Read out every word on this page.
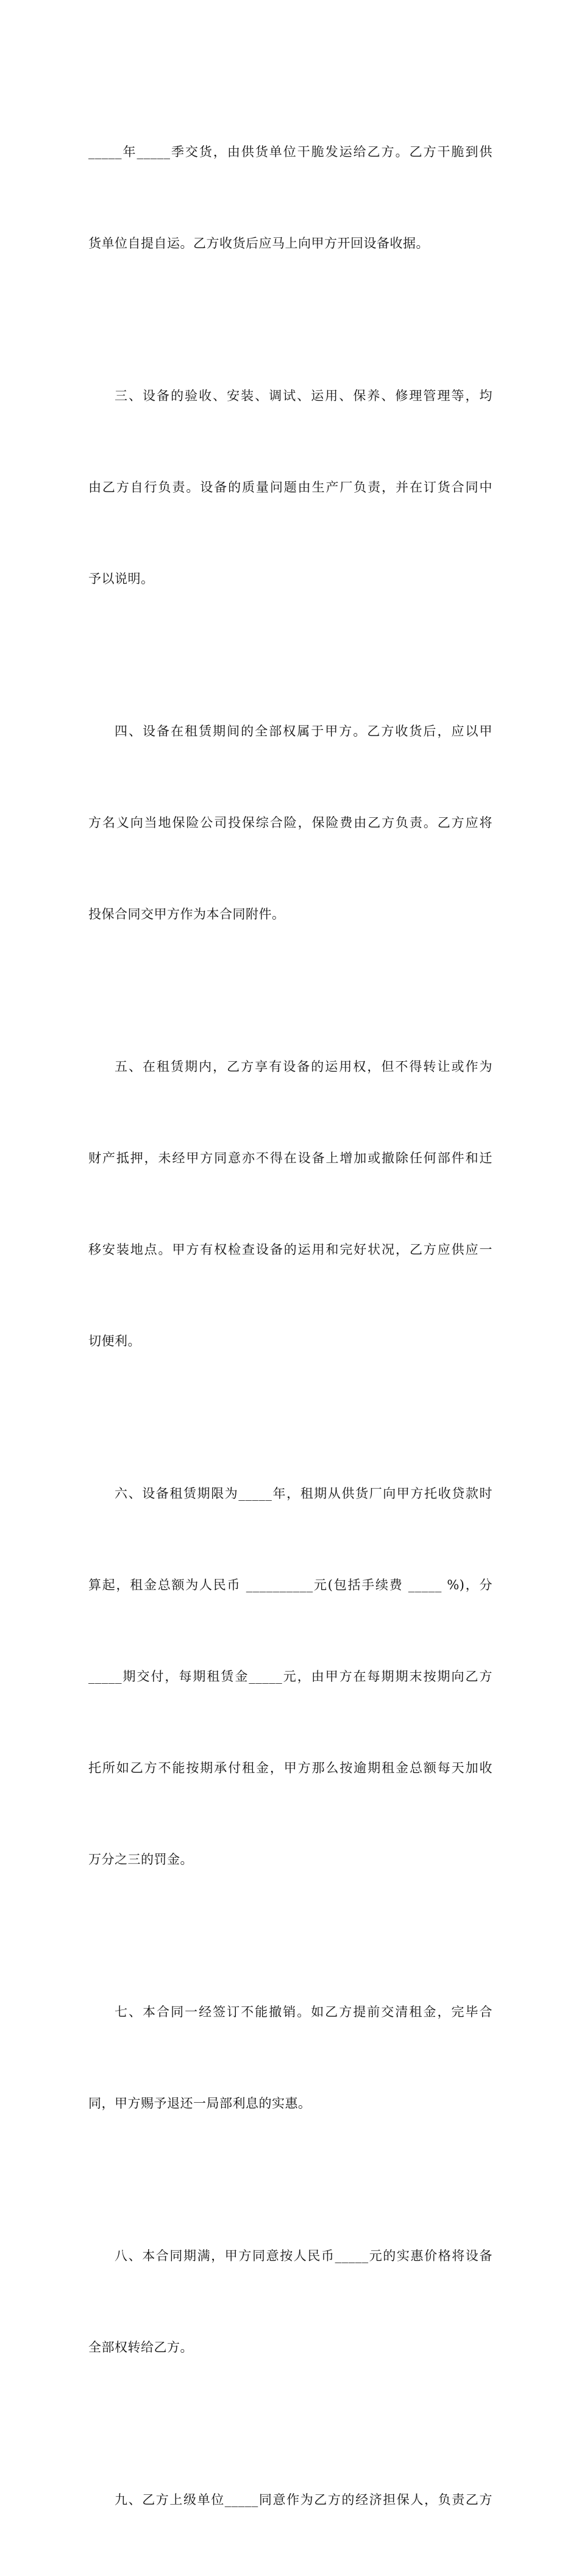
_____年_____季交货，由供货单位干脆发运给乙方。乙方干脆到供

货单位自提自运。乙方收货后应马上向甲方开回设备收据。

三、设备的验收、安装、调试、运用、保养、修理管理等，均

由乙方自行负责。设备的质量问题由生产厂负责，并在订货合同中

予以说明。

四、设备在租赁期间的全部权属于甲方。乙方收货后，应以甲

方名义向当地保险公司投保综合险，保险费由乙方负责。乙方应将

投保合同交甲方作为本合同附件。

五、在租赁期内，乙方享有设备的运用权，但不得转让或作为

财产抵押，未经甲方同意亦不得在设备上增加或撤除任何部件和迁

移安装地点。甲方有权检查设备的运用和完好状况，乙方应供应一

切便利。

六、设备租赁期限为_____年，租期从供货厂向甲方托收贷款时

算起，租金总额为人民币 __________元(包括手续费 _____ %)，分

_____期交付，每期租赁金_____元，由甲方在每期期末按期向乙方

托所如乙方不能按期承付租金，甲方那么按逾期租金总额每天加收

万分之三的罚金。

七、本合同一经签订不能撤销。如乙方提前交清租金，完毕合

同，甲方赐予退还一局部利息的实惠。

八、本合同期满，甲方同意按人民币_____元的实惠价格将设备

全部权转给乙方。

九、乙方上级单位_____同意作为乙方的经济担保人，负责乙方
